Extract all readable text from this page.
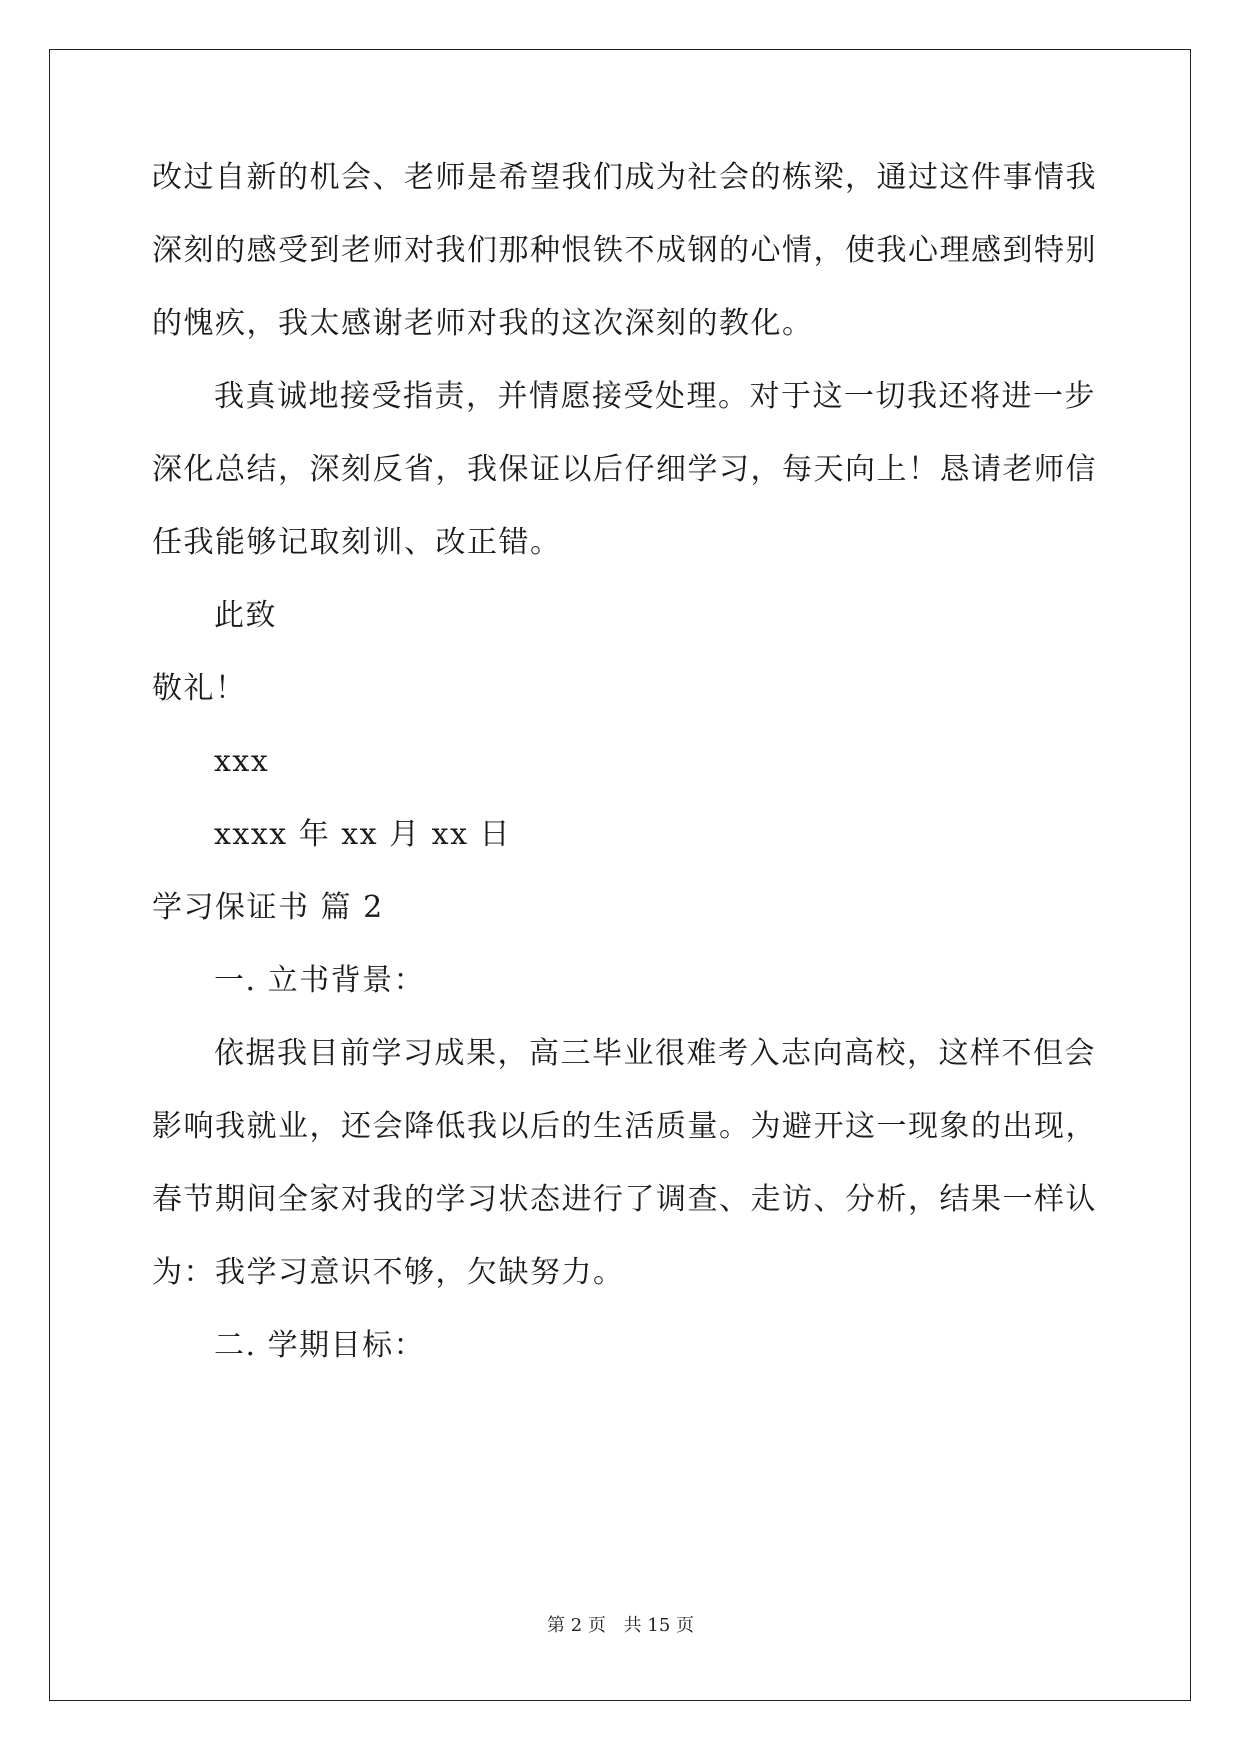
改过自新的机会、老师是希望我们成为社会的栋梁，通过这件事情我
深刻的感受到老师对我们那种恨铁不成钢的心情，使我心理感到特别
的愧疚，我太感谢老师对我的这次深刻的教化。
我真诚地接受指责，并情愿接受处理。对于这一切我还将进一步
深化总结，深刻反省，我保证以后仔细学习，每天向上！恳请老师信
任我能够记取刻训、改正错。
此致
敬礼！
xxx
xxxx 年 xx 月 xx 日
学习保证书 篇 2
一. 立书背景：
依据我目前学习成果，高三毕业很难考入志向高校，这样不但会
影响我就业，还会降低我以后的生活质量。为避开这一现象的出现，
春节期间全家对我的学习状态进行了调查、走访、分析，结果一样认
为：我学习意识不够，欠缺努力。
二. 学期目标：
第 2 页 共 15 页
